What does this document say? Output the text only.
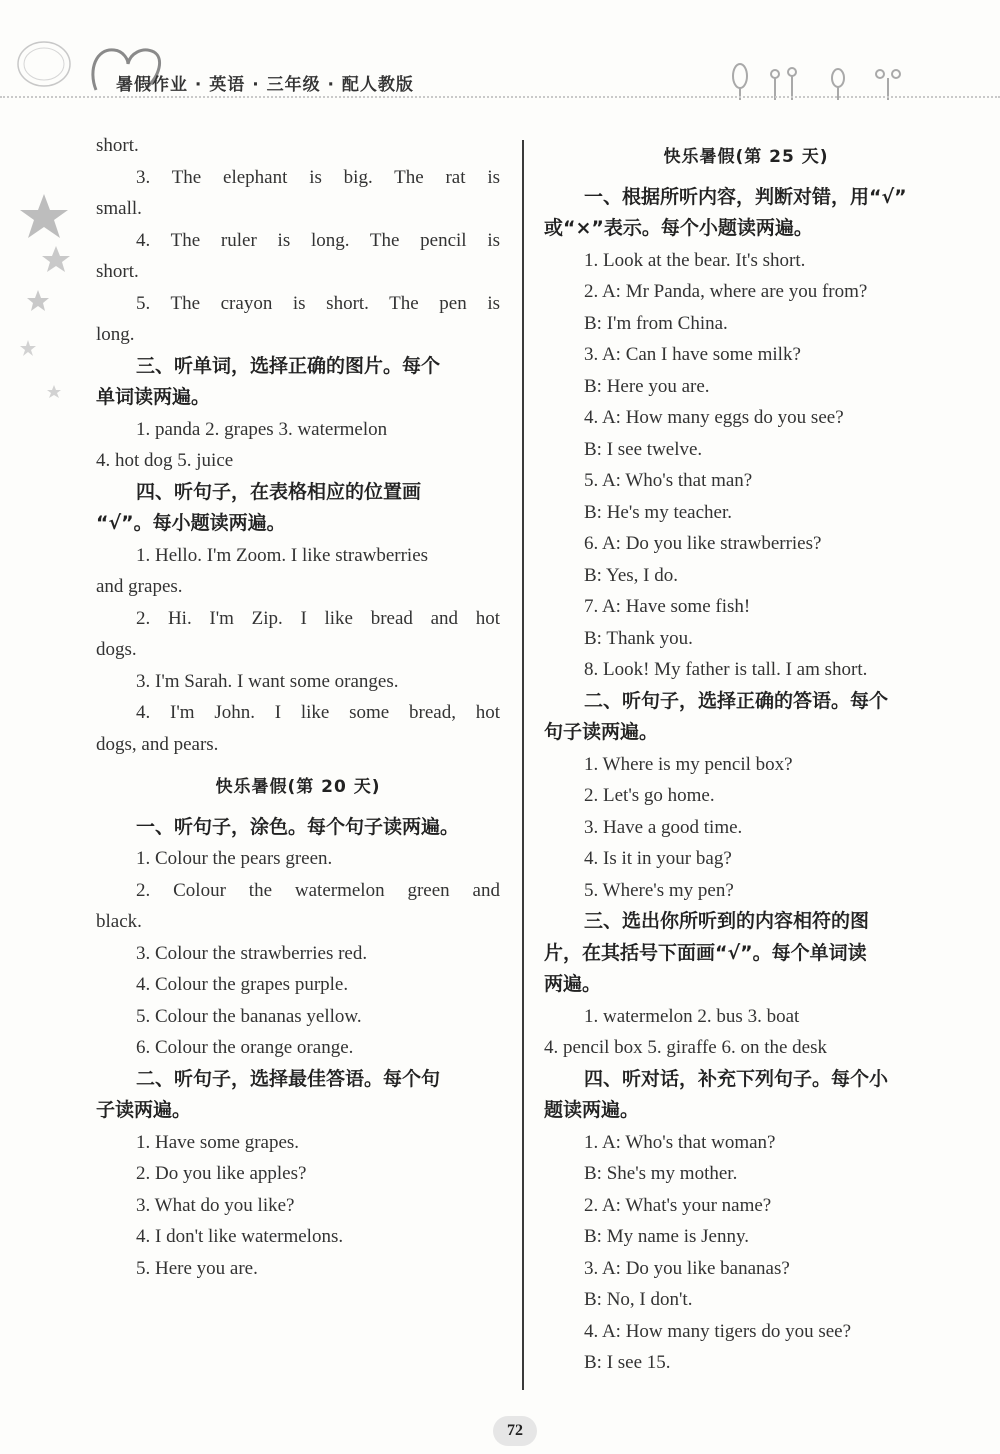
暑假作业 · 英语 · 三年级 · 配人教版
short.
3. The elephant is big. The rat is
small.
4. The ruler is long. The pencil is
short.
5. The crayon is short. The pen is
long.
三、听单词，选择正确的图片。每个
单词读两遍。
1. panda 2. grapes 3. watermelon
4. hot dog 5. juice
四、听句子，在表格相应的位置画
“√”。每小题读两遍。
1. Hello. I'm Zoom. I like strawberries
and grapes.
2. Hi. I'm Zip. I like bread and hot
dogs.
3. I'm Sarah. I want some oranges.
4. I'm John. I like some bread, hot
dogs, and pears.
快乐暑假(第 20 天)
一、听句子，涂色。每个句子读两遍。
1. Colour the pears green.
2. Colour the watermelon green and
black.
3. Colour the strawberries red.
4. Colour the grapes purple.
5. Colour the bananas yellow.
6. Colour the orange orange.
二、听句子，选择最佳答语。每个句
子读两遍。
1. Have some grapes.
2. Do you like apples?
3. What do you like?
4. I don't like watermelons.
5. Here you are.
快乐暑假(第 25 天)
一、根据所听内容，判断对错，用“√”
或“×”表示。每个小题读两遍。
1. Look at the bear. It's short.
2. A: Mr Panda, where are you from?
B: I'm from China.
3. A: Can I have some milk?
B: Here you are.
4. A: How many eggs do you see?
B: I see twelve.
5. A: Who's that man?
B: He's my teacher.
6. A: Do you like strawberries?
B: Yes, I do.
7. A: Have some fish!
B: Thank you.
8. Look! My father is tall. I am short.
二、听句子，选择正确的答语。每个
句子读两遍。
1. Where is my pencil box?
2. Let's go home.
3. Have a good time.
4. Is it in your bag?
5. Where's my pen?
三、选出你所听到的内容相符的图
片，在其括号下面画“√”。每个单词读
两遍。
1. watermelon 2. bus 3. boat
4. pencil box 5. giraffe 6. on the desk
四、听对话，补充下列句子。每个小
题读两遍。
1. A: Who's that woman?
B: She's my mother.
2. A: What's your name?
B: My name is Jenny.
3. A: Do you like bananas?
B: No, I don't.
4. A: How many tigers do you see?
B: I see 15.
72
